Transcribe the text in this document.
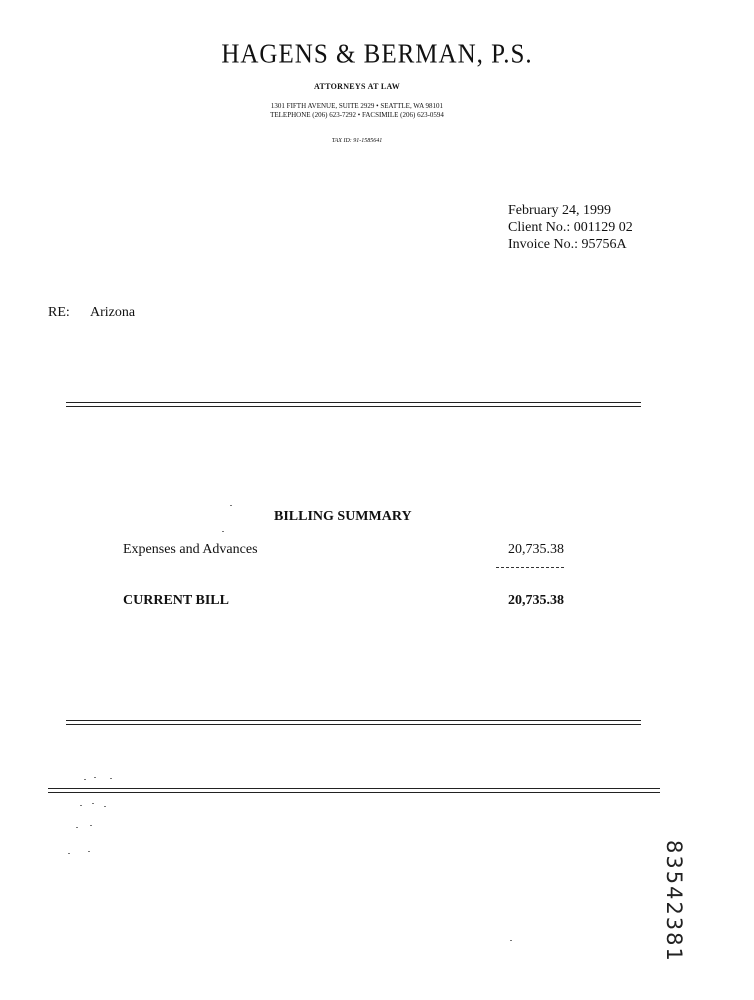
HAGENS & BERMAN, P.S.
ATTORNEYS AT LAW
1301 FIFTH AVENUE, SUITE 2929 • SEATTLE, WA 98101
TELEPHONE (206) 623-7292 • FACSIMILE (206) 623-0594
TAX ID: 91-1585641
February 24, 1999
Client No.: 001129 02
Invoice No.: 95756A
RE: Arizona
BILLING SUMMARY
Expenses and Advances	20,735.38
CURRENT BILL	20,735.38
83542381
